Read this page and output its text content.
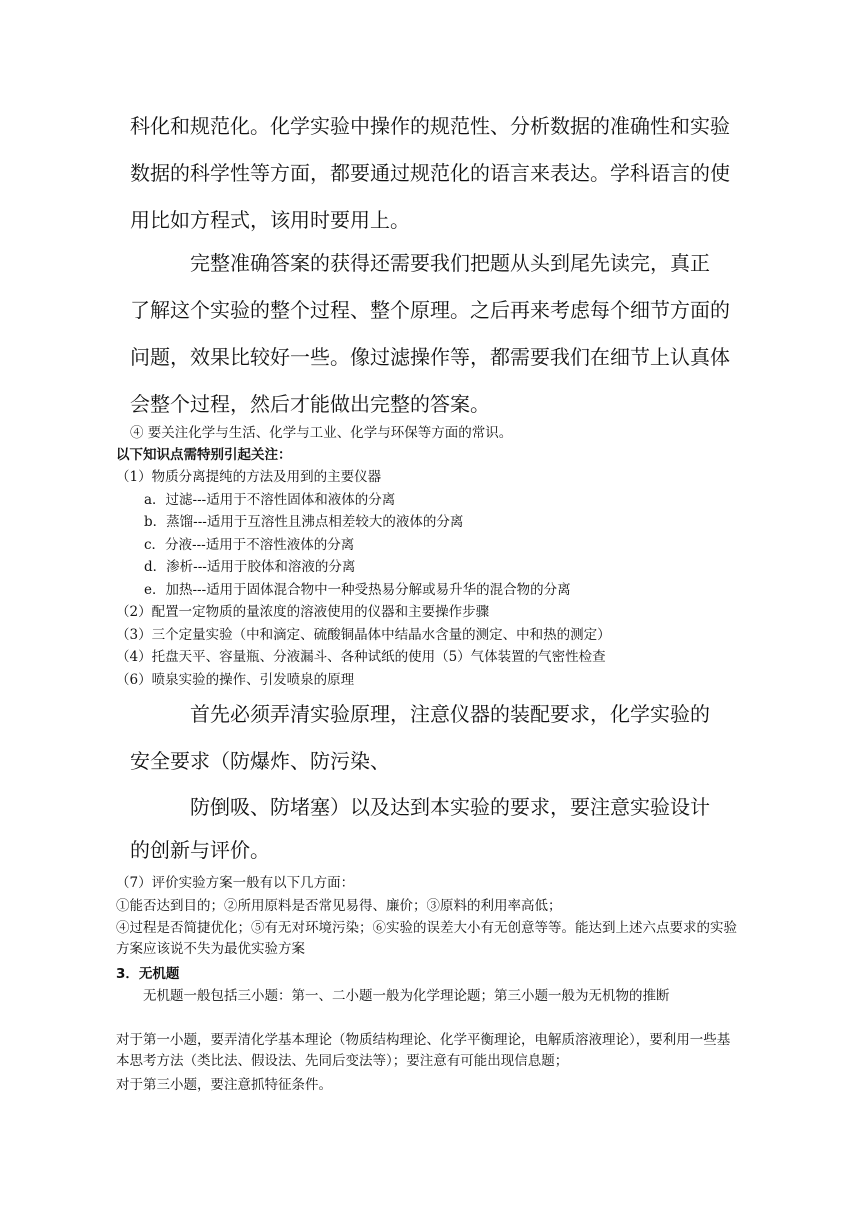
科化和规范化。化学实验中操作的规范性、分析数据的准确性和实验

数据的科学性等方面，都要通过规范化的语言来表达。学科语言的使

用比如方程式，该用时要用上。

　　　完整准确答案的获得还需要我们把题从头到尾先读完，真正

了解这个实验的整个过程、整个原理。之后再来考虑每个细节方面的

问题，效果比较好一些。像过滤操作等，都需要我们在细节上认真体

会整个过程，然后才能做出完整的答案。

④ 要关注化学与生活、化学与工业、化学与环保等方面的常识。

以下知识点需特别引起关注：

（1）物质分离提纯的方法及用到的主要仪器

a．过滤---适用于不溶性固体和液体的分离

b．蒸馏---适用于互溶性且沸点相差较大的液体的分离

c．分液---适用于不溶性液体的分离

d．渗析---适用于胶体和溶液的分离

e．加热---适用于固体混合物中一种受热易分解或易升华的混合物的分离

（2）配置一定物质的量浓度的溶液使用的仪器和主要操作步骤

（3）三个定量实验（中和滴定、硫酸铜晶体中结晶水含量的测定、中和热的测定）

（4）托盘天平、容量瓶、分液漏斗、各种试纸的使用（5）气体装置的气密性检查

（6）喷泉实验的操作、引发喷泉的原理

　　　首先必须弄清实验原理，注意仪器的装配要求，化学实验的

安全要求（防爆炸、防污染、

　　　防倒吸、防堵塞）以及达到本实验的要求，要注意实验设计

的创新与评价。

（7）评价实验方案一般有以下几方面：

①能否达到目的；②所用原料是否常见易得、廉价；③原料的利用率高低；

④过程是否简捷优化；⑤有无对环境污染；⑥实验的误差大小有无创意等等。能达到上述六点要求的实验方案应该说不失为最优实验方案

3．无机题

　　无机题一般包括三小题：第一、二小题一般为化学理论题；第三小题一般为无机物的推断

对于第一小题，要弄清化学基本理论（物质结构理论、化学平衡理论，电解质溶液理论），要利用一些基本思考方法（类比法、假设法、先同后变法等）；要注意有可能出现信息题；

对于第三小题，要注意抓特征条件。
